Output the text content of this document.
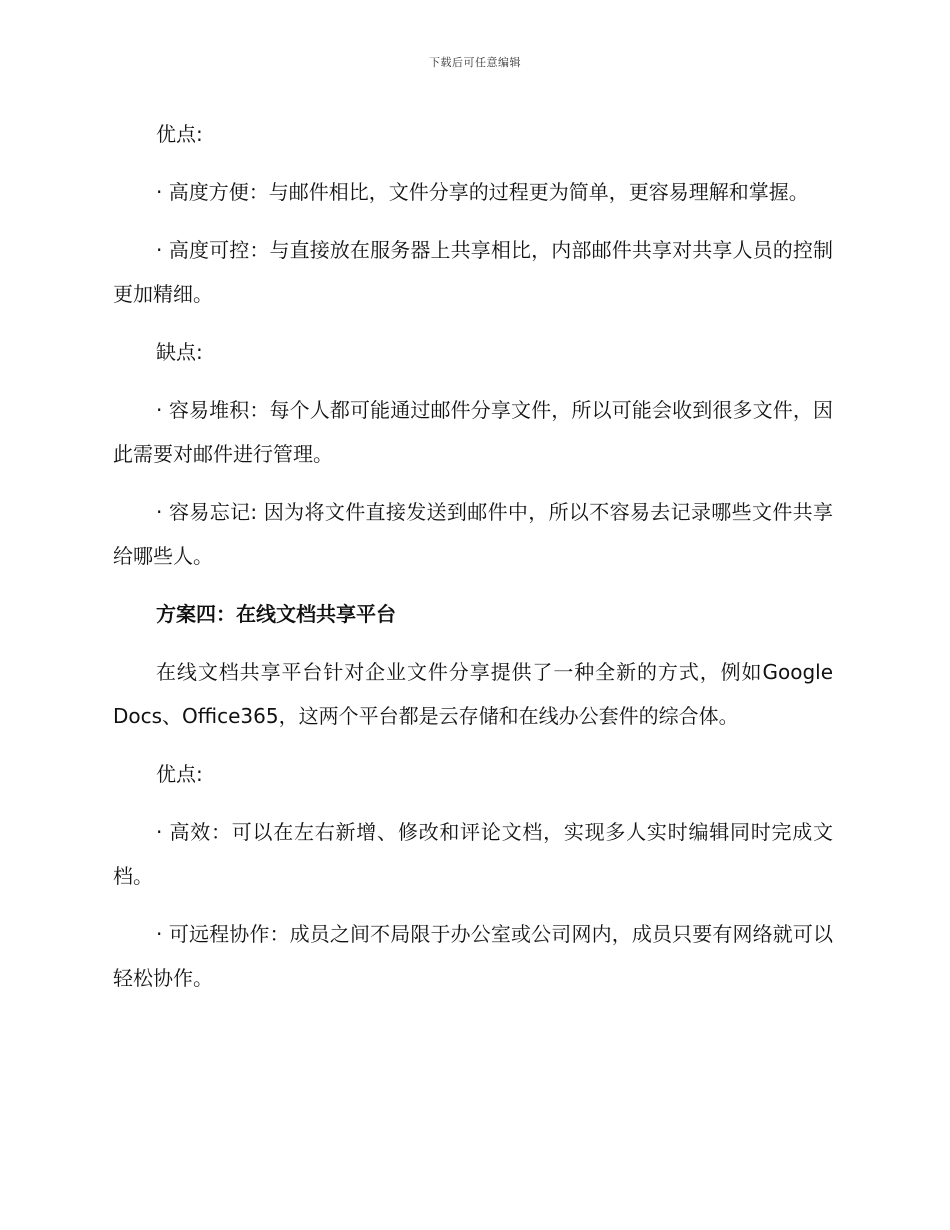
下载后可任意编辑

优点:

· 高度方便：与邮件相比，文件分享的过程更为简单，更容易理解和掌握。

· 高度可控：与直接放在服务器上共享相比，内部邮件共享对共享人员的控制更加精细。

缺点:

· 容易堆积：每个人都可能通过邮件分享文件，所以可能会收到很多文件，因此需要对邮件进行管理。

· 容易忘记: 因为将文件直接发送到邮件中，所以不容易去记录哪些文件共享给哪些人。

方案四：在线文档共享平台

在线文档共享平台针对企业文件分享提供了一种全新的方式，例如Google Docs、Office365，这两个平台都是云存储和在线办公套件的综合体。

优点:

· 高效：可以在左右新增、修改和评论文档，实现多人实时编辑同时完成文档。

· 可远程协作：成员之间不局限于办公室或公司网内，成员只要有网络就可以轻松协作。
